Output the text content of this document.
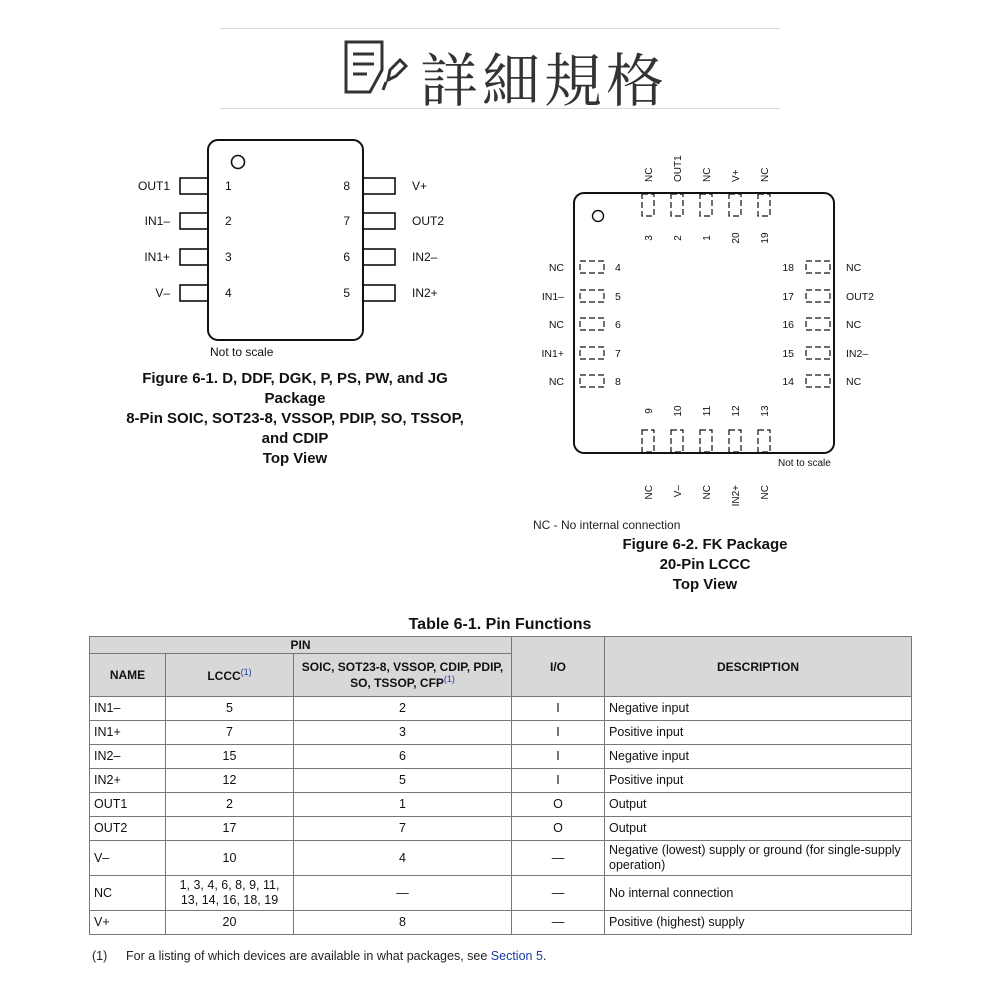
詳細規格
OUT1	1
IN1–	2
IN1+	3
V–	4
V+
8
OUT2
7
IN2–
6
IN2+
5
Not to scale
NC
3
OUT1
2
NC
1
V+
20
NC
19
NC
9
V–
10
NC
11
IN2+
12
NC
13
NC	4
IN1–	5
NC	6
IN1+	7
NC	8
NC
18
OUT2
17
NC
16
IN2–
15
NC
14
Not to scale
Figure 6-1. D, DDF, DGK, P, PS, PW, and JG
Package
8-Pin SOIC, SOT23-8, VSSOP, PDIP, SO, TSSOP,
and CDIP
Top View
NC - No internal connection
Figure 6-2. FK Package
20-Pin LCCC
Top View
Table 6-1. Pin Functions
PIN			I/O	DESCRIPTION
NAME	LCCC$^{(1)}$	SOIC, SOT23-8, VSSOP, CDIP, PDIP, SO, TSSOP, CFP$^{(1)}$
IN1–	5	2	I	Negative input
IN1+	7	3	I	Positive input
IN2–	15	6	I	Negative input
IN2+	12	5	I	Positive input
OUT1	2	1	O	Output
OUT2	17	7	O	Output
V–	10	4	—	Negative (lowest) supply or ground (for single-supply operation)
NC	1, 3, 4, 6, 8, 9, 11, 13, 14, 16, 18, 19	—	—	No internal connection
V+	20	8	—	Positive (highest) supply
(1) For a listing of which devices are available in what packages, see Section 5.
